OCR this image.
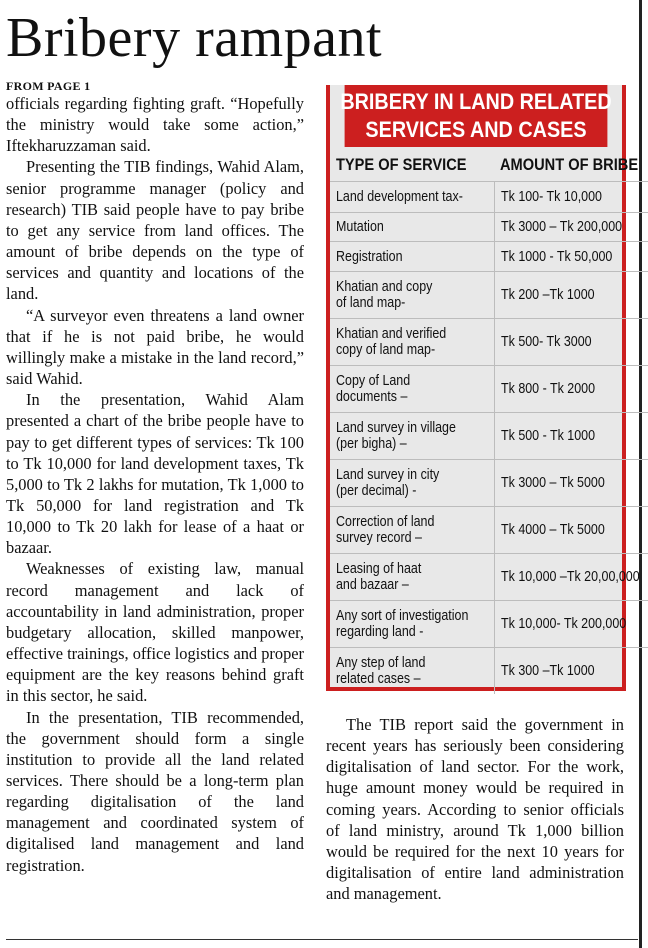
Bribery rampant
FROM PAGE 1

officials regarding fighting graft. “Hopefully the ministry would take some action,” Iftekharuzzaman said.

Presenting the TIB findings, Wahid Alam, senior programme manager (policy and research) TIB said people have to pay bribe to get any service from land offices. The amount of bribe depends on the type of services and quantity and locations of the land.

“A surveyor even threatens a land owner that if he is not paid bribe, he would willingly make a mistake in the land record,” said Wahid.

In the presentation, Wahid Alam presented a chart of the bribe people have to pay to get different types of services: Tk 100 to Tk 10,000 for land development taxes, Tk 5,000 to Tk 2 lakhs for mutation, Tk 1,000 to Tk 50,000 for land registration and Tk 10,000 to Tk 20 lakh for lease of a haat or bazaar.

Weaknesses of existing law, manual record management and lack of accountability in land administration, proper budgetary allocation, skilled manpower, effective trainings, office logistics and proper equipment are the key reasons behind graft in this sector, he said.

In the presentation, TIB recommended, the government should form a single institution to provide all the land related services. There should be a long-term plan regarding digitalisation of the land management and coordinated system of digitalised land management and land registration.

BRIBERY IN LAND RELATED
SERVICES AND CASES
TYPE OF SERVICE	AMOUNT OF BRIBE
Land development tax-	Tk 100- Tk 10,000
Mutation	Tk 3000 – Tk 200,000
Registration	Tk 1000 - Tk 50,000
Khatian and copy
of land map-	Tk 200 –Tk 1000
Khatian and verified
copy of land map-	Tk 500- Tk 3000
Copy of Land
documents –	Tk 800 - Tk 2000
Land survey in village
(per bigha) –	Tk 500 - Tk 1000
Land survey in city
(per decimal) -	Tk 3000 – Tk 5000
Correction of land
survey record –	Tk 4000 – Tk 5000
Leasing of haat
and bazaar –	Tk 10,000 –Tk 20,00,000
Any sort of investigation
regarding land -	Tk 10,000- Tk 200,000
Any step of land
related cases –	Tk 300 –Tk 1000

The TIB report said the government in recent years has seriously been considering digitalisation of land sector. For the work, huge amount money would be required in coming years. According to senior officials of land ministry, around Tk 1,000 billion would be required for the next 10 years for digitalisation of entire land administration and management.
